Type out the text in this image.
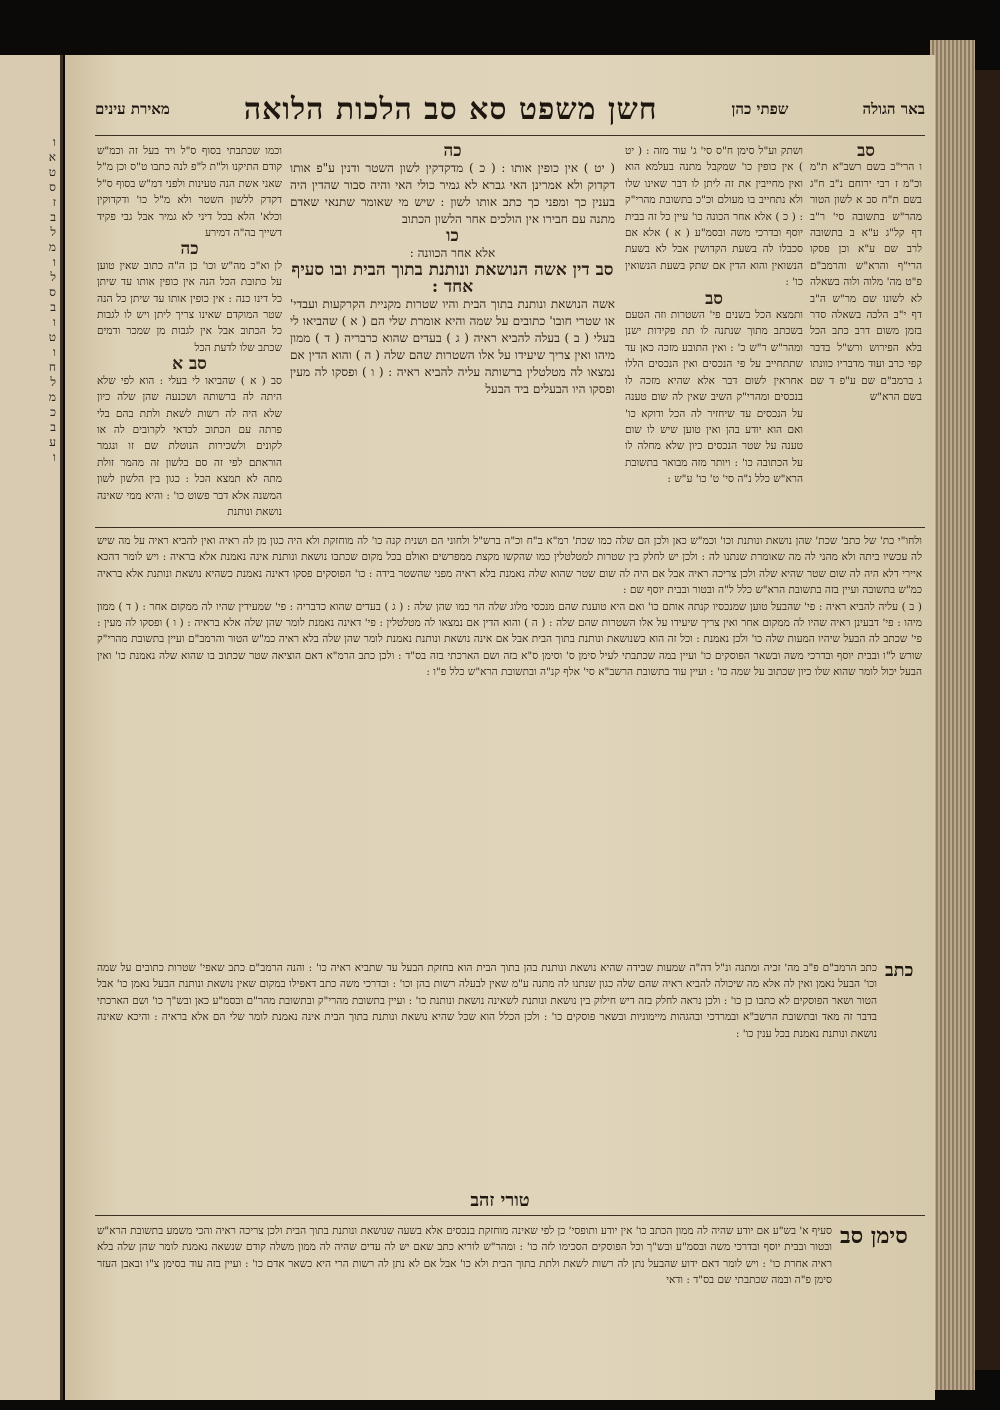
ו
א
ט
ס
ז
ב
ל
מ
ו
ל
ס
ב
ו
ט
ו
ח
ל
מ
כ
ב
ע
ו
באר הגולה
שפתי כהן
חשן משפט סא סב הלכות הלואה
מאירת עינים

סב

ו הרי"ב בשם רשב"א ת"מ וכ"מ ז רבי ירוחם נ"ב ח"ג בשם ת"ח סב א לשון הטור מהר"ש בתשובה סי' ר"ב דף קל"ג ע"א ב בתשובה לרב שם ע"א וכן פסקו הרי"ף והרא"ש והרמב"ם פ"ט מה' מלוה ולוה בשאלה לא לשונו שם מר"ש ה"ב דף י"ב הלכה בשאלה סדר בזמן משום דרב כתב הכל בלא הפירוש ורש"ל בדבר קפי כרב ועוד מדבריו כוונתו ג ברמב"ם שם ע"פ ד שם בשם הרא"ש

ושתק וע"ל סימן ח"ס סי' ג' עוד מזה : ( יט ) אין כופין כו' שמקבל מתנה בעלמא הוא ואין מחייבין את זה ליתן לו דבר שאינו שלו ולא נתחייב בו מעולם וכ"כ בתשובת מהרי"ק : ( כ ) אלא אחר הכונה כו' עיין כל זה בבית יוסף ובדרכי משה ובסמ"ע ( א ) אלא אם סכבלו לה בשעת הקדושין אבל לא בשעת הנשואין והוא הדין אם שתק בשעת הנשואין כו' :

סב

ותמצא הכל בשנים פי' השטרות וזה הטעם בשכתב מתוך שנתנה לו תת פקידות ישנן ומהר"ש ר"ש כ' : ואין התובע מזכה כאן עד שתתחייב על פי הנכסים ואין הנכסים הללו אחראין לשום דבר אלא שהיא מזכה לו בנכסים ומהרי"ק השיב שאין לה שום טענה על הנכסים עד שיחזיר לה הכל ודוקא כו' ואם הוא יודע בהן ואין טוען שיש לו שום טענה על שטר הנכסים כיון שלא מחלה לו על הכתובה כו' : ויותר מזה מבואר בתשובת הרא"ש כלל נ"ה סי' ט' כו' ע"ש :

כה

( יט ) אין כופין אותו : ( כ ) מדקדקין לשון השטר ודנין ע"פ אותו דקדוק ולא אמרינן האי גברא לא גמיר כולי האי והיה סבור שהדין היה בענין כך ומפני כך כתב אותו לשון : שיש מי שאומר שתנאי שאדם מתנה עם חבירו אין הולכים אחר הלשון הכתוב

כו

אלא אחר הכוונה :

סב דין אשה הנושאת ונותנת בתוך הבית ובו סעיף אחד :

אשה הנושאת ונותנת בתוך הבית והיו שטרות מקניית הקרקעות ועבדי' או שטרי חובו' כתובים על שמה והיא אומרת שלי הם ( א ) שהביאו לי בעלי ( ב ) בעלה להביא ראיה ( ג ) בעדים שהוא כרבריה ( ד ) ממון מיהו ואין צריך שיעידו על אלו השטרות שהם שלה ( ה ) והוא הדין אם נמצאו לה מטלטלין ברשותה עליה להביא ראיה : ( ו ) ופסקו לה מעין ופסקו היו הבעלים ביד הבעל

וכמו שכתבתי בסוף ס"ל ויד בעל זה וכמ"ש קודם התיקנו ול"ת ל"פ לנה כתבו ט"ס וכן מ"ל שאני אשת הנה טעינות ולפני דמ"ש בסוף ס"ל דקדק ללשון השטר ולא מ"ל כו' ודקדוקין וכלא' הלא בכל דיני לא גמיר אבל גבי פקיד דשייך בה"ה דמירע

כה

לן וא"כ מה"ש וכו' כן ה"ה כתוב שאין טוען על כתובת הכל הנה אין כופין אותו עד שיתן כל דינו כנה : אין כופין אותו עד שיתן כל הנה שטר המוקדם שאינו צריך ליתן ויש לו לגבות כל הכתוב אבל אין לגבות מן שמכר ודמים שכתב שלו לדעת הכל

סב א

סב ( א ) שהביאו לי בעלי : הוא לפי שלא היתה לה ברשותה ושכנעה שהן שלה כיון שלא היה לה רשות לשאת ולתת בהם בלי פרתה עם הכתוב לכדאי לקרובים לה או לקונים ולשכירות הנוטלת שם זו ונגמר הוראתם לפי זה סם בלשון זה מהמר זולת מתה לא תמצא הכל : כגון בין הלשון לשון המשנה אלא דבר פשוט כו' : והיא ממי שאינה נושאת ונותנת

ולחו"י כת' של כתב' שכת' שהן נושאת ונותנת וכו' וכמ"ש כאן ולכן הם שלה כמו שכת' רמ"א ב"ח וכ"ה ברש"ל ולחוני הם ושנית קנה כו' לה מוחזקת ולא היה כגון מן לה ראיה ואין להביא ראיה על מה שיש לה עכשיו ביתה ולא מהני לה מה שאומרת שנתנו לה : ולכן יש לחלק בין שטרות למטלטלין כמו שהקשו מקצת ממפרשים ואולם בכל מקום שכתבו נושאת ונותנת אינה נאמנת אלא בראיה : ויש לומר דהכא איירי דלא היה לה שום שטר שהיא שלה ולכן צריכה ראיה אבל אם היה לה שום שטר שהוא שלה נאמנת בלא ראיה מפני שהשטר בידה : כו' הפוסקים פסקו דאינה נאמנת כשהיא נושאת ונותנת אלא בראיה כמ"ש בתשובה ועיין בזה בתשובת הרא"ש כלל ל"ה ובטור ובבית יוסף שם :

( ב ) עליה להביא ראיה : פי' שהבעל טוען שמנכסיו קנתה אותם כו' ואם היא טוענת שהם מנכסי מלוג שלה הוי כמו שהן שלה : ( ג ) בעדים שהוא כדבריה : פי' שמעידין שהיו לה ממקום אחר : ( ד ) ממון מיהו : פי' דבעינן ראיה שהיו לה ממקום אחר ואין צריך שיעידו על אלו השטרות שהם שלה : ( ה ) והוא הדין אם נמצאו לה מטלטלין : פי' דאינה נאמנת לומר שהן שלה אלא בראיה : ( ו ) ופסקו לה מעין : פי' שכתב לה הבעל שיהיו המעות שלה כו' ולכן נאמנת : וכל זה הוא כשנושאת ונותנת בתוך הבית אבל אם אינה נושאת ונותנת נאמנת לומר שהן שלה בלא ראיה כמ"ש הטור והרמב"ם ועיין בתשובת מהרי"ק שורש ל"ו ובבית יוסף ובדרכי משה ובשאר הפוסקים כו' ועיין במה שכתבתי לעיל סימן ס' וסימן ס"א בזה ושם הארכתי בזה בס"ד : ולכן כתב הרמ"א דאם הוציאה שטר שכתוב בו שהוא שלה נאמנת כו' ואין הבעל יכול לומר שהוא שלו כיון שכתוב על שמה כו' : ועיין עוד בתשובת הרשב"א סי' אלף קנ"ה ובתשובת הרא"ש כלל פ"ו :

כתב

כתב הרמב"ם פ"ב מה' זכיה ומתנה ונ"ל דה"ה שמעות שבידה שהיא נושאת ונותנת בהן בתוך הבית הוא בחזקת הבעל עד שתביא ראיה כו' : והנה הרמב"ם כתב שאפי' שטרות כתובים על שמה וכו' הבעל נאמן ואין לה אלא מה שיכולה להביא ראיה שהם שלה כגון שנתנו לה מתנה ע"מ שאין לבעלה רשות בהן וכו' : ובדרכי משה כתב דאפילו במקום שאין נושאת ונותנת הבעל נאמן כו' אבל הטור ושאר הפוסקים לא כתבו כן כו' : ולכן נראה לחלק בזה דיש חילוק בין נושאת ונותנת לשאינה נושאת ונותנת כו' : ועיין בתשובת מהרי"ק ובתשובת מהר"ם ובסמ"ע כאן ובש"ך כו' ושם הארכתי בדבר זה מאד ובתשובת הרשב"א ובמרדכי ובהגהות מיימוניות ובשאר פוסקים כו' : ולכן הכלל הוא שכל שהיא נושאת ונותנת בתוך הבית אינה נאמנת לומר שלי הם אלא בראיה : והיכא שאינה נושאת ונותנת נאמנת בכל ענין כו' :

טורי זהב
סימן סב

סעיף א' בש"ע אם יודע שהיה לה ממון הכתב כו' אין יודע ותופסי' כן לפי שאינה מוחזקת בנכסים אלא בשעה שנושאת ונותנת בתוך הבית ולכן צריכה ראיה והכי משמע בתשובת הרא"ש ובטור ובבית יוסף ובדרכי משה ובסמ"ע ובש"ך וכל הפוסקים הסכימו לזה כו' : ומהר"ש לוריא כתב שאם יש לה עדים שהיה לה ממון משלה קודם שנשאה נאמנת לומר שהן שלה בלא ראיה אחרת כו' : ויש לומר דאם ידוע שהבעל נתן לה רשות לשאת ולתת בתוך הבית ולא כו' אבל אם לא נתן לה רשות הרי היא כשאר אדם כו' : ועיין בזה עוד בסימן צ"ו ובאבן העזר סימן פ"ה ובמה שכתבתי שם בס"ד : ודאי
